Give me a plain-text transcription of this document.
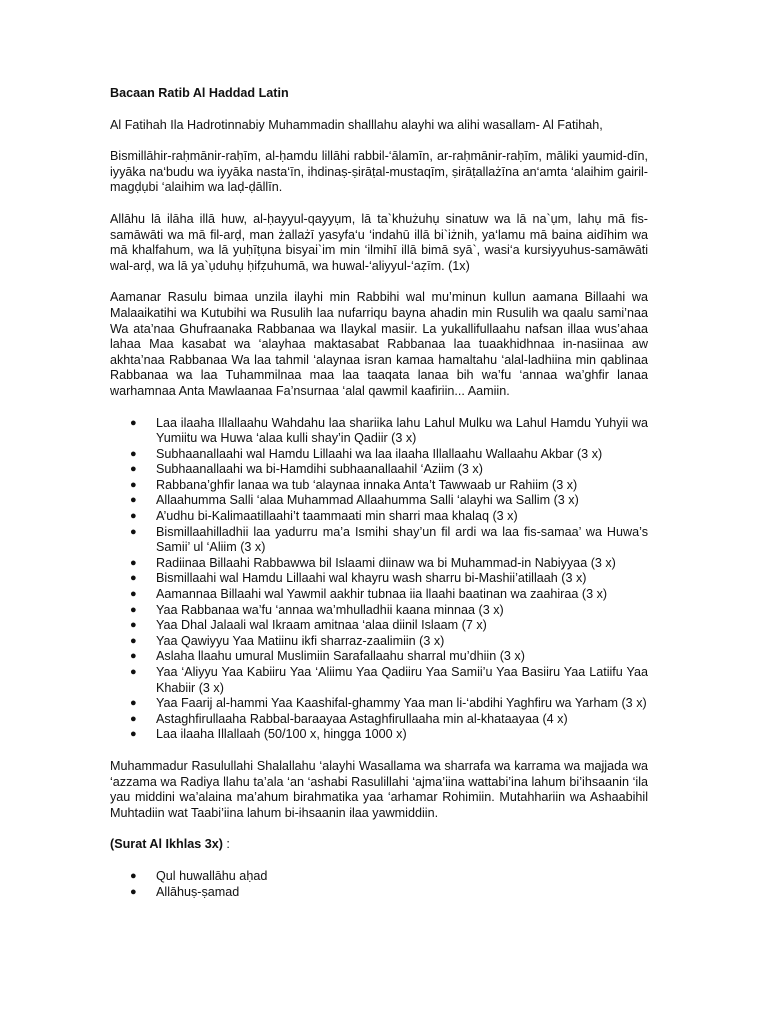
Bacaan Ratib Al Haddad Latin

Al Fatihah Ila Hadrotinnabiy Muhammadin shalllahu alayhi wa alihi wasallam- Al Fatihah,

Bismillāhir-raḥmānir-raḥīm, al-ḥamdu lillāhi rabbil-‘ālamīn, ar-raḥmānir-raḥīm, māliki yaumid-dīn, iyyāka na‘budu wa iyyāka nasta‘īn, ihdinaṣ-ṣirāṭal-mustaqīm, ṣirāṭallażīna an‘amta ‘alaihim gairil-magḍụbi ‘alaihim wa laḍ-ḍāllīn.

Allāhu lā ilāha illā huw, al-ḥayyul-qayyụm, lā ta`khużuhụ sinatuw wa lā na`ụm, lahụ mā fis-samāwāti wa mā fil-arḍ, man żallażī yasyfa‘u ‘indahū illā bi`iżnih, ya‘lamu mā baina aidīhim wa mā khalfahum, wa lā yuḥīṭụna bisyai`im min ‘ilmihī illā bimā syā`, wasi‘a kursiyyuhus-samāwāti wal-arḍ, wa lā ya`ụduhụ ḥifẓuhumā, wa huwal-‘aliyyul-‘aẓīm. (1x)

Aamanar Rasulu bimaa unzila ilayhi min Rabbihi wal mu’minun kullun aamana Billaahi wa Malaaikatihi wa Kutubihi wa Rusulih laa nufarriqu bayna ahadin min Rusulih wa qaalu sami’naa Wa ata’naa Ghufraanaka Rabbanaa wa Ilaykal masiir. La yukallifullaahu nafsan illaa wus’ahaa lahaa Maa kasabat wa ‘alayhaa maktasabat Rabbanaa laa tuaakhidhnaa in-nasiinaa aw akhta’naa Rabbanaa Wa laa tahmil ‘alaynaa isran kamaa hamaltahu ‘alal-ladhiina min qablinaa Rabbanaa wa laa Tuhammilnaa maa laa taaqata lanaa bih wa’fu ‘annaa wa’ghfir lanaa warhamnaa Anta Mawlaanaa Fa’nsurnaa ‘alal qawmil kaafiriin... Aamiin.

● Laa ilaaha Illallaahu Wahdahu laa shariika lahu Lahul Mulku wa Lahul Hamdu Yuhyii wa Yumiitu wa Huwa ‘alaa kulli shay’in Qadiir (3 x)
● Subhaanallaahi wal Hamdu Lillaahi wa laa ilaaha Illallaahu Wallaahu Akbar (3 x)
● Subhaanallaahi wa bi-Hamdihi subhaanallaahil ‘Aziim (3 x)
● Rabbana’ghfir lanaa wa tub ‘alaynaa innaka Anta’t Tawwaab ur Rahiim (3 x)
● Allaahumma Salli ‘alaa Muhammad Allaahumma Salli ‘alayhi wa Sallim (3 x)
● A’udhu bi-Kalimaatillaahi’t taammaati min sharri maa khalaq (3 x)
● Bismillaahilladhii laa yadurru ma’a Ismihi shay’un fil ardi wa laa fis-samaa’ wa Huwa’s Samii’ ul ‘Aliim (3 x)
● Radiinaa Billaahi Rabbawwa bil Islaami diinaw wa bi Muhammad-in Nabiyyaa (3 x)
● Bismillaahi wal Hamdu Lillaahi wal khayru wash sharru bi-Mashii’atillaah (3 x)
● Aamannaa Billaahi wal Yawmil aakhir tubnaa iia llaahi baatinan wa zaahiraa (3 x)
● Yaa Rabbanaa wa’fu ‘annaa wa’mhulladhii kaana minnaa (3 x)
● Yaa Dhal Jalaali wal Ikraam amitnaa ‘alaa diinil Islaam (7 x)
● Yaa Qawiyyu Yaa Matiinu ikfi sharraz-zaalimiin (3 x)
● Aslaha llaahu umural Muslimiin Sarafallaahu sharral mu’dhiin (3 x)
● Yaa ‘Aliyyu Yaa Kabiiru Yaa ‘Aliimu Yaa Qadiiru Yaa Samii’u Yaa Basiiru Yaa Latiifu Yaa Khabiir (3 x)
● Yaa Faarij al-hammi Yaa Kaashifal-ghammy Yaa man li-‘abdihi Yaghfiru wa Yarham (3 x)
● Astaghfirullaaha Rabbal-baraayaa Astaghfirullaaha min al-khataayaa (4 x)
● Laa ilaaha Illallaah (50/100 x, hingga 1000 x)

Muhammadur Rasulullahi Shalallahu ‘alayhi Wasallama wa sharrafa wa karrama wa majjada wa ‘azzama wa Radiya llahu ta’ala ‘an ‘ashabi Rasulillahi ‘ajma’iina wattabi’ina lahum bi’ihsaanin ‘ila yau middini wa’alaina ma’ahum birahmatika yaa ‘arhamar Rohimiin. Mutahhariin wa Ashaabihil Muhtadiin wat Taabi’iina lahum bi-ihsaanin ilaa yawmiddiin.

(Surat Al Ikhlas 3x) :
● Qul huwallāhu aḥad
● Allāhuṣ-ṣamad
